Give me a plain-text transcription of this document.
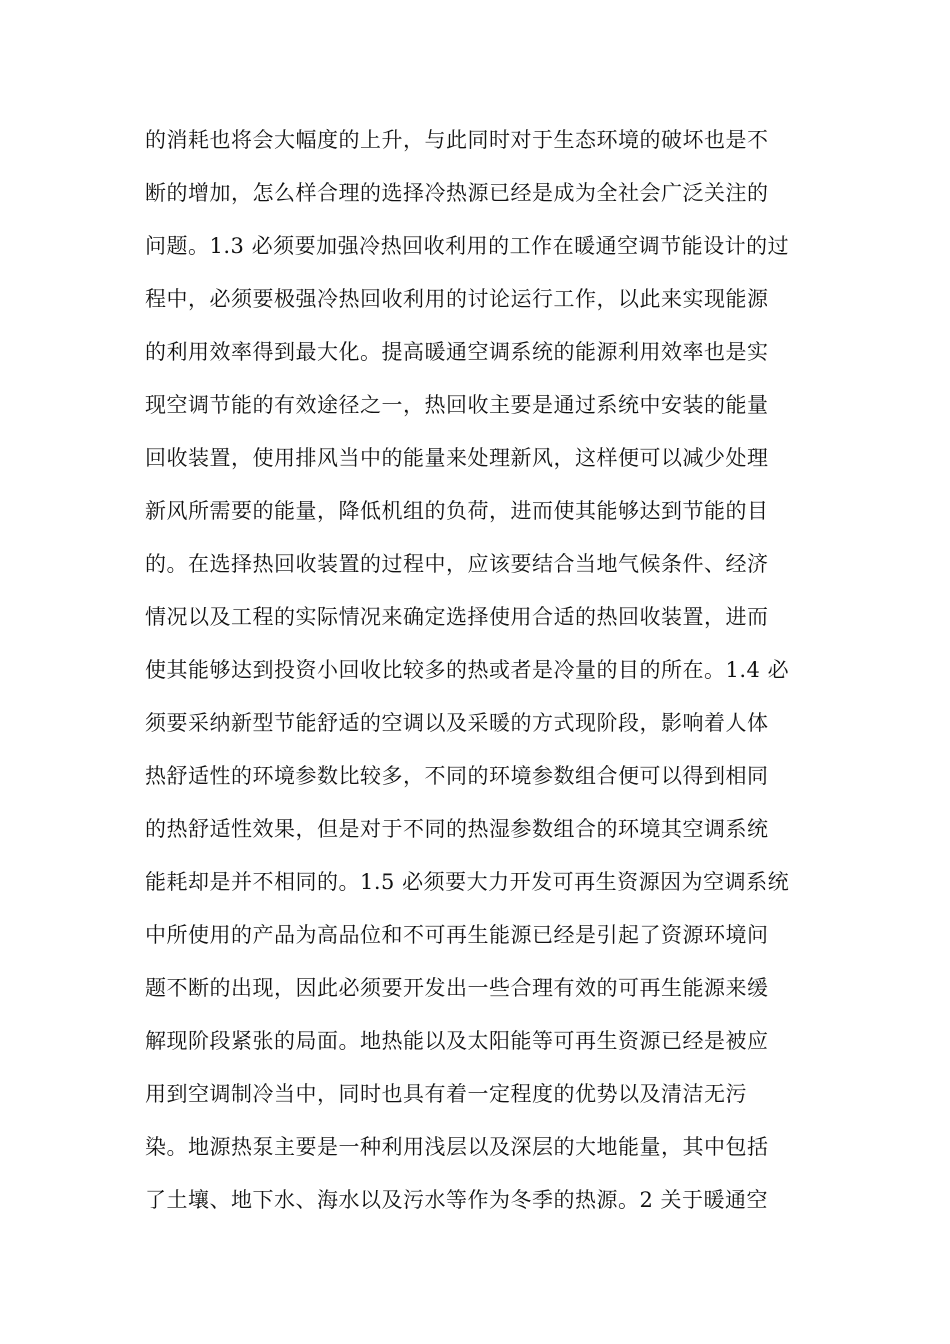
的消耗也将会大幅度的上升，与此同时对于生态环境的破坏也是不
断的增加，怎么样合理的选择冷热源已经是成为全社会广泛关注的
问题。1.3 必须要加强冷热回收利用的工作在暖通空调节能设计的过
程中，必须要极强冷热回收利用的讨论运行工作，以此来实现能源
的利用效率得到最大化。提高暖通空调系统的能源利用效率也是实
现空调节能的有效途径之一，热回收主要是通过系统中安装的能量
回收装置，使用排风当中的能量来处理新风，这样便可以减少处理
新风所需要的能量，降低机组的负荷，进而使其能够达到节能的目
的。在选择热回收装置的过程中，应该要结合当地气候条件、经济
情况以及工程的实际情况来确定选择使用合适的热回收装置，进而
使其能够达到投资小回收比较多的热或者是冷量的目的所在。1.4 必
须要采纳新型节能舒适的空调以及采暖的方式现阶段，影响着人体
热舒适性的环境参数比较多，不同的环境参数组合便可以得到相同
的热舒适性效果，但是对于不同的热湿参数组合的环境其空调系统
能耗却是并不相同的。1.5 必须要大力开发可再生资源因为空调系统
中所使用的产品为高品位和不可再生能源已经是引起了资源环境问
题不断的出现，因此必须要开发出一些合理有效的可再生能源来缓
解现阶段紧张的局面。地热能以及太阳能等可再生资源已经是被应
用到空调制冷当中，同时也具有着一定程度的优势以及清洁无污
染。地源热泵主要是一种利用浅层以及深层的大地能量，其中包括
了土壤、地下水、海水以及污水等作为冬季的热源。2 关于暖通空
